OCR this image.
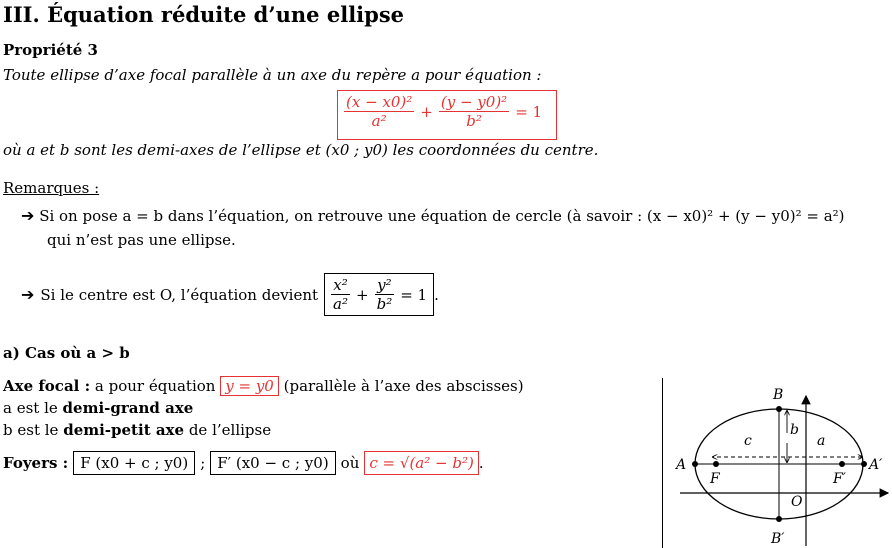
III. Équation réduite d’une ellipse
Propriété 3
Toute ellipse d’axe focal parallèle à un axe du repère a pour équation :
$\frac{\text{(x − x0)²}}{\text{a²}} + \frac{\text{(y − y0)²}}{\text{b²}} = 1$
où a et b sont les demi-axes de l’ellipse et (x0 ; y0) les coordonnées du centre.
Remarques :
➔ Si on pose a = b dans l’équation, on retrouve une équation de cercle (à savoir : (x − x0)² + (y − y0)² = a²)
qui n’est pas une ellipse.
➔ Si le centre est O, l’équation devient $\frac{\text{x²}}{\text{a²}} + \frac{\text{y²}}{\text{b²}} = 1$ .
a) Cas où a > b
Axe focal : a pour équation y = y0 (parallèle à l’axe des abscisses)
a est le demi-grand axe
b est le demi-petit axe de l’ellipse
Foyers : F (x0 + c ; y0) ; F′ (x0 − c ; y0) où c = √(a² − b²) .	A	A′
B
B′
F	F′
O
c	a
b
